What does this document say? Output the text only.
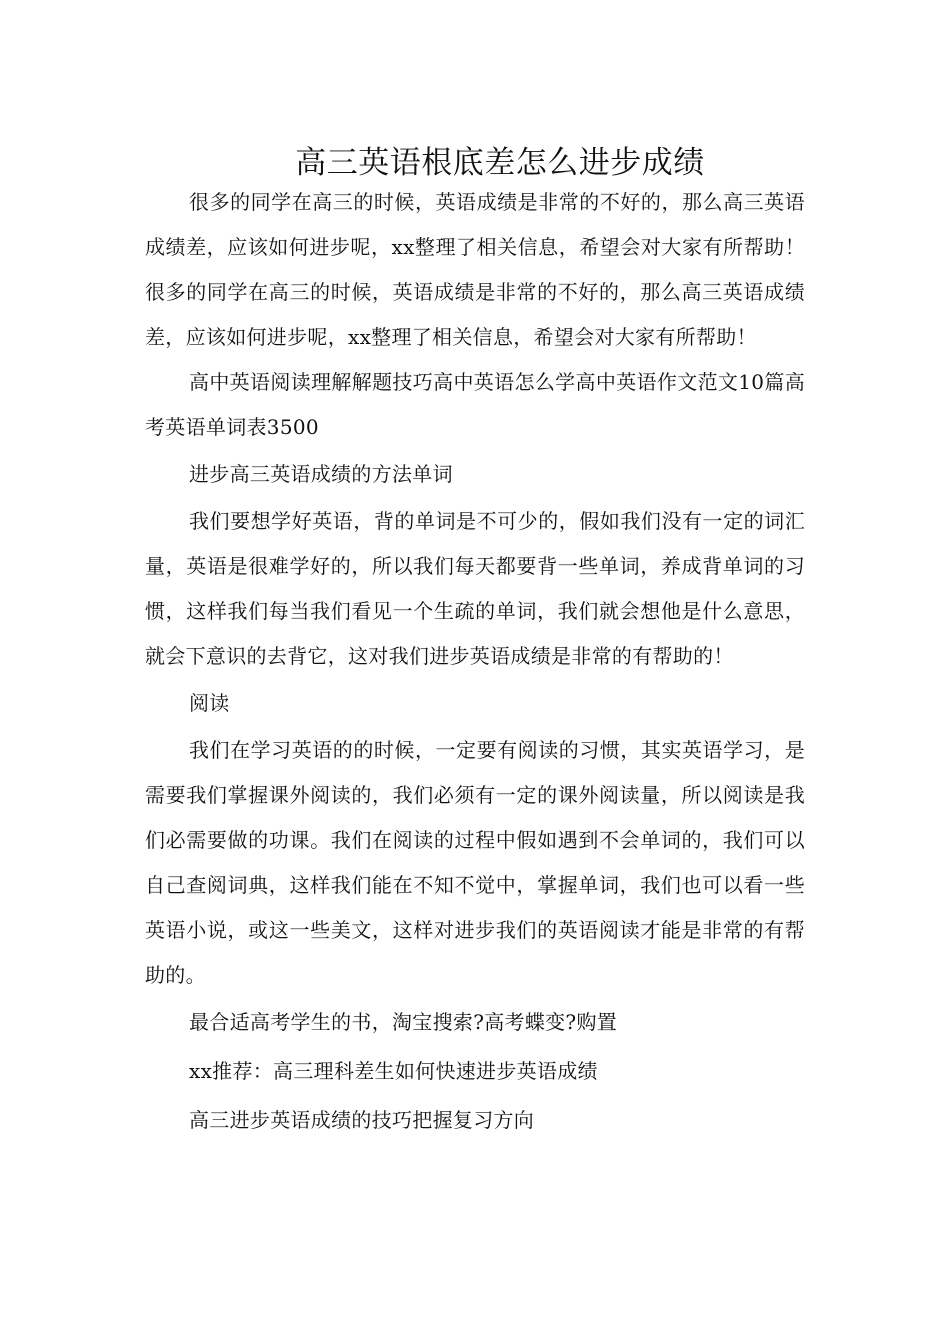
高三英语根底差怎么进步成绩

很多的同学在高三的时候，英语成绩是非常的不好的，那么高三英语成绩差，应该如何进步呢，xx整理了相关信息，希望会对大家有所帮助！很多的同学在高三的时候，英语成绩是非常的不好的，那么高三英语成绩差，应该如何进步呢，xx整理了相关信息，希望会对大家有所帮助！

高中英语阅读理解解题技巧高中英语怎么学高中英语作文范文10篇高考英语单词表3500

进步高三英语成绩的方法单词

我们要想学好英语，背的单词是不可少的，假如我们没有一定的词汇量，英语是很难学好的，所以我们每天都要背一些单词，养成背单词的习惯，这样我们每当我们看见一个生疏的单词，我们就会想他是什么意思，就会下意识的去背它，这对我们进步英语成绩是非常的有帮助的！

阅读

我们在学习英语的的时候，一定要有阅读的习惯，其实英语学习，是需要我们掌握课外阅读的，我们必须有一定的课外阅读量，所以阅读是我们必需要做的功课。我们在阅读的过程中假如遇到不会单词的，我们可以自己查阅词典，这样我们能在不知不觉中，掌握单词，我们也可以看一些英语小说，或这一些美文，这样对进步我们的英语阅读才能是非常的有帮助的。

最合适高考学生的书，淘宝搜索?高考蝶变?购置

xx推荐：高三理科差生如何快速进步英语成绩

高三进步英语成绩的技巧把握复习方向
